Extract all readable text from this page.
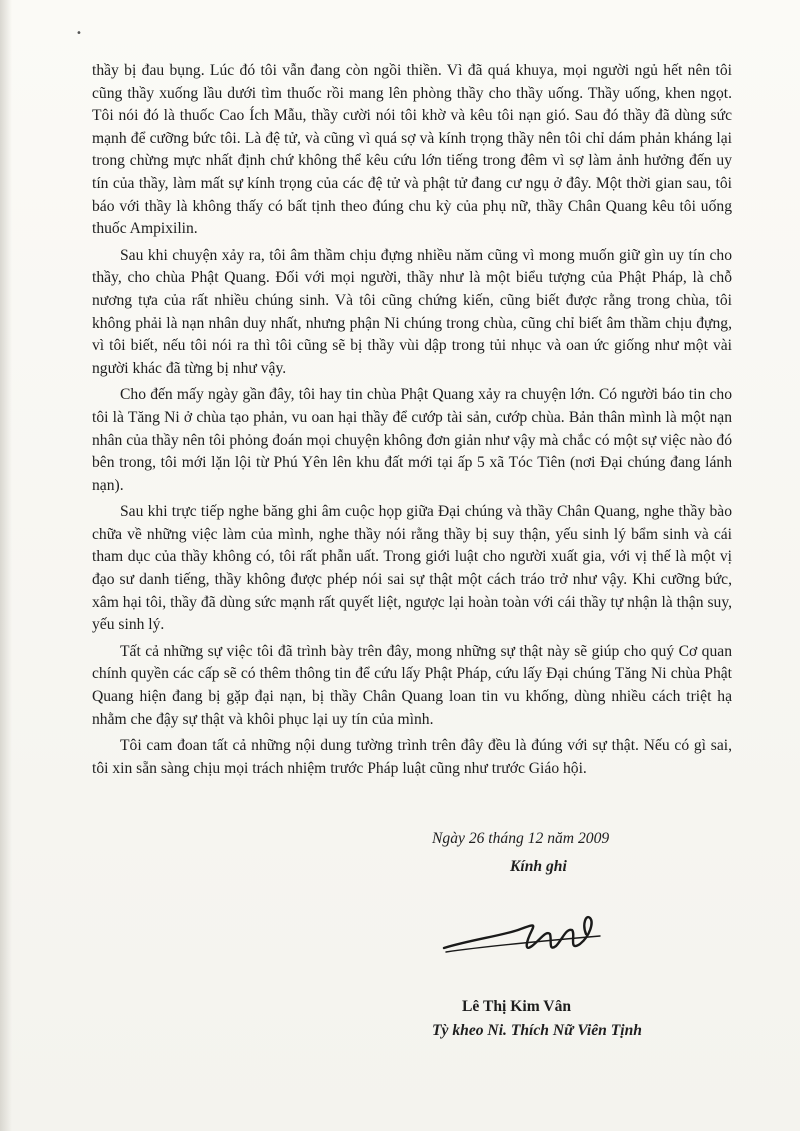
•

thầy bị đau bụng. Lúc đó tôi vẫn đang còn ngồi thiền. Vì đã quá khuya, mọi người ngủ hết nên tôi cũng thầy xuống lầu dưới tìm thuốc rồi mang lên phòng thầy cho thầy uống. Thầy uống, khen ngọt. Tôi nói đó là thuốc Cao Ích Mẫu, thầy cười nói tôi khờ và kêu tôi nạn gió. Sau đó thầy đã dùng sức mạnh để cưỡng bức tôi. Là đệ tử, và cũng vì quá sợ và kính trọng thầy nên tôi chỉ dám phản kháng lại trong chừng mực nhất định chứ không thể kêu cứu lớn tiếng trong đêm vì sợ làm ảnh hưởng đến uy tín của thầy, làm mất sự kính trọng của các đệ tử và phật tử đang cư ngụ ở đây. Một thời gian sau, tôi báo với thầy là không thấy có bất tịnh theo đúng chu kỳ của phụ nữ, thầy Chân Quang kêu tôi uống thuốc Ampixilin.

Sau khi chuyện xảy ra, tôi âm thầm chịu đựng nhiều năm cũng vì mong muốn giữ gìn uy tín cho thầy, cho chùa Phật Quang. Đối với mọi người, thầy như là một biểu tượng của Phật Pháp, là chỗ nương tựa của rất nhiều chúng sinh. Và tôi cũng chứng kiến, cũng biết được rằng trong chùa, tôi không phải là nạn nhân duy nhất, nhưng phận Ni chúng trong chùa, cũng chỉ biết âm thầm chịu đựng, vì tôi biết, nếu tôi nói ra thì tôi cũng sẽ bị thầy vùi dập trong tủi nhục và oan ức giống như một vài người khác đã từng bị như vậy.

Cho đến mấy ngày gần đây, tôi hay tin chùa Phật Quang xảy ra chuyện lớn. Có người báo tin cho tôi là Tăng Ni ở chùa tạo phản, vu oan hại thầy để cướp tài sản, cướp chùa. Bản thân mình là một nạn nhân của thầy nên tôi phỏng đoán mọi chuyện không đơn giản như vậy mà chắc có một sự việc nào đó bên trong, tôi mới lặn lội từ Phú Yên lên khu đất mới tại ấp 5 xã Tóc Tiên (nơi Đại chúng đang lánh nạn).

Sau khi trực tiếp nghe băng ghi âm cuộc họp giữa Đại chúng và thầy Chân Quang, nghe thầy bào chữa về những việc làm của mình, nghe thầy nói rằng thầy bị suy thận, yếu sinh lý bẩm sinh và cái tham dục của thầy không có, tôi rất phẫn uất. Trong giới luật cho người xuất gia, với vị thế là một vị đạo sư danh tiếng, thầy không được phép nói sai sự thật một cách tráo trở như vậy. Khi cưỡng bức, xâm hại tôi, thầy đã dùng sức mạnh rất quyết liệt, ngược lại hoàn toàn với cái thầy tự nhận là thận suy, yếu sinh lý.

Tất cả những sự việc tôi đã trình bày trên đây, mong những sự thật này sẽ giúp cho quý Cơ quan chính quyền các cấp sẽ có thêm thông tin để cứu lấy Phật Pháp, cứu lấy Đại chúng Tăng Ni chùa Phật Quang hiện đang bị gặp đại nạn, bị thầy Chân Quang loan tin vu khống, dùng nhiều cách triệt hạ nhằm che đậy sự thật và khôi phục lại uy tín của mình.

Tôi cam đoan tất cả những nội dung tường trình trên đây đều là đúng với sự thật. Nếu có gì sai, tôi xin sẵn sàng chịu mọi trách nhiệm trước Pháp luật cũng như trước Giáo hội.

Ngày 26 tháng 12 năm 2009
Kính ghi
Lê Thị Kim Vân
Tỳ kheo Ni. Thích Nữ Viên Tịnh
